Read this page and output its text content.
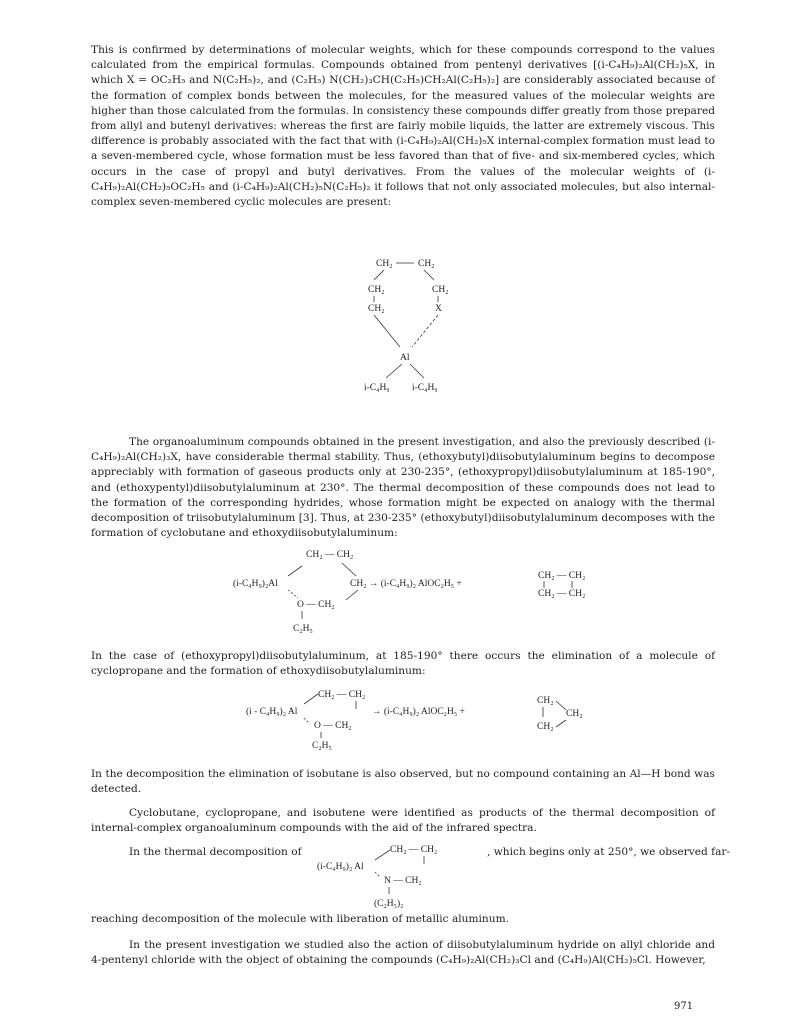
This is confirmed by determinations of molecular weights, which for these compounds correspond to the values calculated from the empirical formulas. Compounds obtained from pentenyl derivatives [(i-C₄H₉)₂Al(CH₂)₅X, in which X = OC₂H₅ and N(C₂H₅)₂, and (C₂H₅) N(CH₂)₃CH(C₂H₅)CH₂Al(C₂H₅)₂] are considerably associated because of the formation of complex bonds between the molecules, for the measured values of the molecular weights are higher than those calculated from the formulas. In consistency these compounds differ greatly from those prepared from allyl and butenyl derivatives: whereas the first are fairly mobile liquids, the latter are extremely viscous. This difference is probably associated with the fact that with (i-C₄H₉)₂Al(CH₂)₅X internal-complex formation must lead to a seven-membered cycle, whose formation must be less favored than that of five- and six-membered cycles, which occurs in the case of propyl and butyl derivatives. From the values of the molecular weights of (i-C₄H₉)₂Al(CH₂)₅OC₂H₅ and (i-C₄H₉)₂Al(CH₂)₅N(C₂H₅)₂ it follows that not only associated molecules, but also internal-complex seven-membered cyclic molecules are present:

The organoaluminum compounds obtained in the present investigation, and also the previously described (i-C₄H₉)₂Al(CH₂)₃X, have considerable thermal stability. Thus, (ethoxybutyl)diisobutylaluminum begins to decompose appreciably with formation of gaseous products only at 230-235°, (ethoxypropyl)diisobutylaluminum at 185-190°, and (ethoxypentyl)diisobutylaluminum at 230°. The thermal decomposition of these compounds does not lead to the formation of the corresponding hydrides, whose formation might be expected on analogy with the thermal decomposition of triisobutylaluminum [3]. Thus, at 230-235° (ethoxybutyl)diisobutylaluminum decomposes with the formation of cyclobutane and ethoxydiisobutylaluminum:

In the case of (ethoxypropyl)diisobutylaluminum, at 185-190° there occurs the elimination of a molecule of cyclopropane and the formation of ethoxydiisobutylaluminum:

In the decomposition the elimination of isobutane is also observed, but no compound containing an Al—H bond was detected.

Cyclobutane, cyclopropane, and isobutene were identified as products of the thermal decomposition of internal-complex organoaluminum compounds with the aid of the infrared spectra.

In the thermal decomposition of	, which begins only at 250°, we observed far-

reaching decomposition of the molecule with liberation of metallic aluminum.

In the present investigation we studied also the action of diisobutylaluminum hydride on allyl chloride and 4-pentenyl chloride with the object of obtaining the compounds (C₄H₉)₂Al(CH₂)₃Cl and (C₄H₉)Al(CH₂)₅Cl. However,

CH₂	CH₂
CH₂	CH₂
CH₂	X
Al
i-C₄H₉ i-C₄H₉
CH₂ — CH₂
(i-C₄H₉)₂Al	CH₂ → (i-C₄H₉)₂ AlOC₂H₅ +
O — CH₂
C₂H₅
CH₂ — CH₂
CH₂ — CH₂
CH₂ — CH₂
(i - C₄H₉)₂ Al	→ (i-C₄H₉)₂ AlOC₂H₅ +
O — CH₂
C₂H₅
CH₂
CH₂
CH₂
CH₂ — CH₂
(i-C₄H₉)₂ Al
N — CH₂
(C₂H₅)₂

971
